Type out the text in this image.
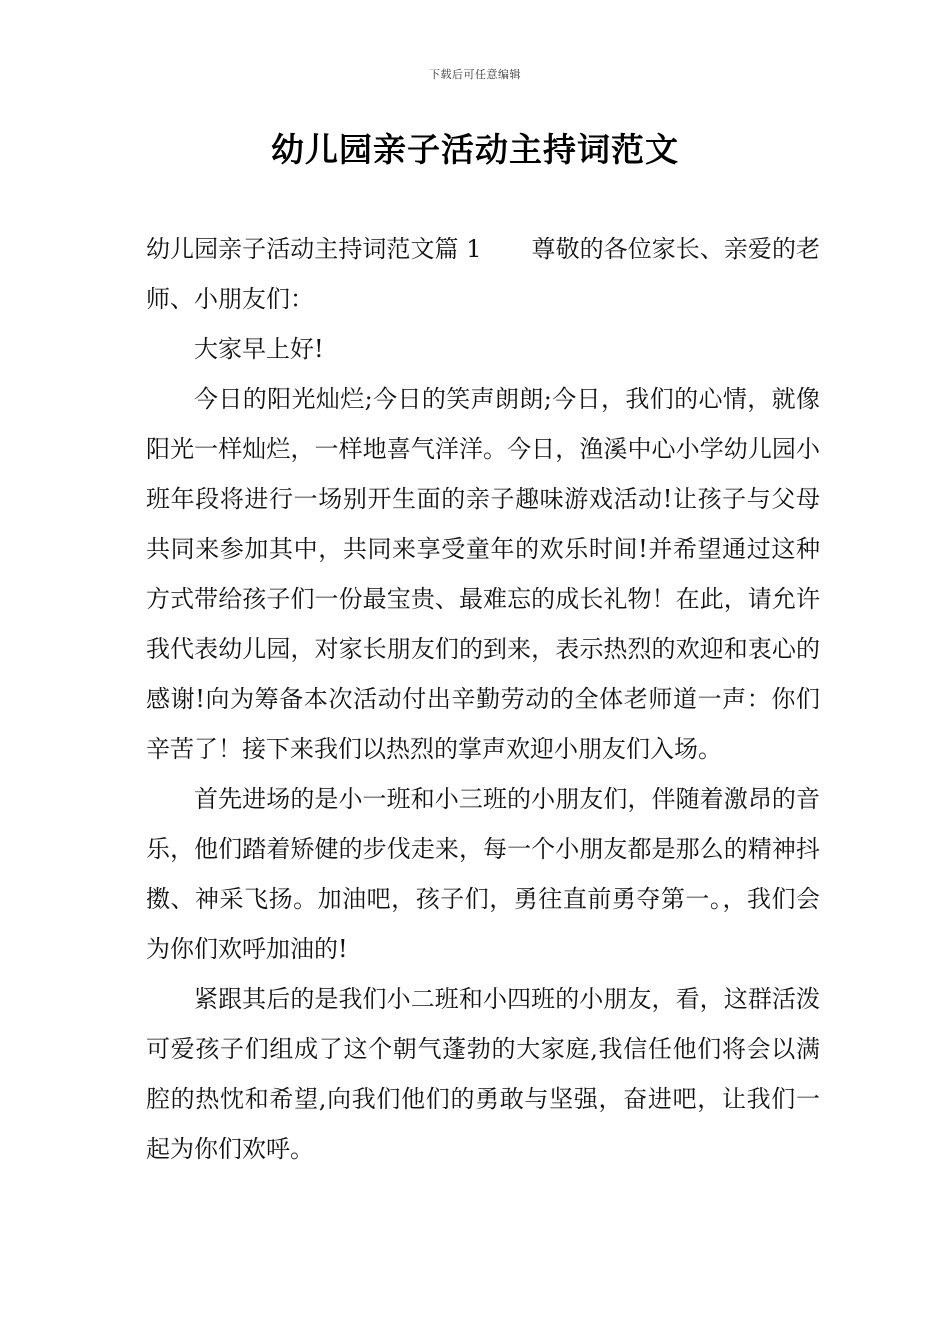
下载后可任意编辑
幼儿园亲子活动主持词范文

幼儿园亲子活动主持词范文篇 1 尊敬的各位家长、亲爱的老师、小朋友们：

大家早上好!

今日的阳光灿烂;今日的笑声朗朗;今日，我们的心情，就像阳光一样灿烂，一样地喜气洋洋。今日，渔溪中心小学幼儿园小班年段将进行一场别开生面的亲子趣味游戏活动!让孩子与父母共同来参加其中，共同来享受童年的欢乐时间!并希望通过这种方式带给孩子们一份最宝贵、最难忘的成长礼物！在此，请允许我代表幼儿园，对家长朋友们的到来，表示热烈的欢迎和衷心的感谢!向为筹备本次活动付出辛勤劳动的全体老师道一声：你们辛苦了！接下来我们以热烈的掌声欢迎小朋友们入场。

首先进场的是小一班和小三班的小朋友们，伴随着激昂的音乐，他们踏着矫健的步伐走来，每一个小朋友都是那么的精神抖擞、神采飞扬。加油吧，孩子们，勇往直前勇夺第一。，我们会为你们欢呼加油的!

紧跟其后的是我们小二班和小四班的小朋友，看，这群活泼可爱孩子们组成了这个朝气蓬勃的大家庭,我信任他们将会以满腔的热忱和希望,向我们他们的勇敢与坚强，奋进吧，让我们一起为你们欢呼。
